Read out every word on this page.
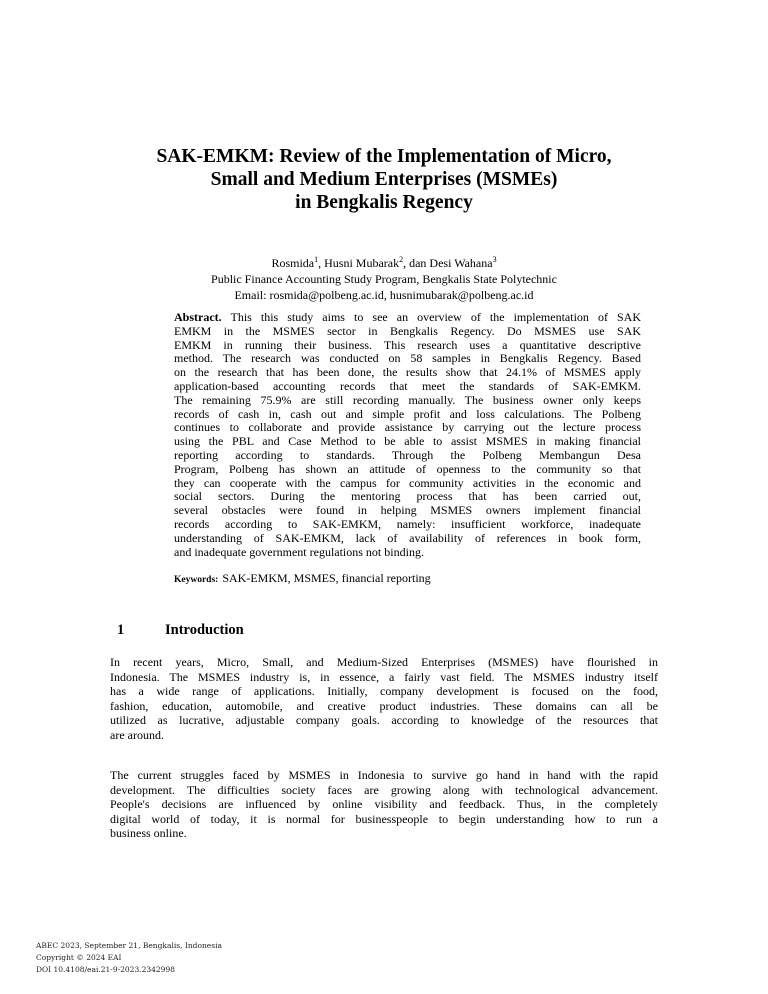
SAK-EMKM: Review of the Implementation of Micro,
Small and Medium Enterprises (MSMEs)
in Bengkalis Regency
Rosmida$^1$, Husni Mubarak$^2$, dan Desi Wahana$^3$
Public Finance Accounting Study Program, Bengkalis State Polytechnic
Email: rosmida@polbeng.ac.id, husnimubarak@polbeng.ac.id
Abstract. This this study aims to see an overview of the implementation of SAK
EMKM in the MSMES sector in Bengkalis Regency. Do MSMES use SAK
EMKM in running their business. This research uses a quantitative descriptive
method. The research was conducted on 58 samples in Bengkalis Regency. Based
on the research that has been done, the results show that 24.1% of MSMES apply
application-based accounting records that meet the standards of SAK-EMKM.
The remaining 75.9% are still recording manually. The business owner only keeps
records of cash in, cash out and simple profit and loss calculations. The Polbeng
continues to collaborate and provide assistance by carrying out the lecture process
using the PBL and Case Method to be able to assist MSMES in making financial
reporting according to standards. Through the Polbeng Membangun Desa
Program, Polbeng has shown an attitude of openness to the community so that
they can cooperate with the campus for community activities in the economic and
social sectors. During the mentoring process that has been carried out,
several obstacles were found in helping MSMES owners implement financial
records according to SAK-EMKM, namely: insufficient workforce, inadequate
understanding of SAK-EMKM, lack of availability of references in book form,
and inadequate government regulations not binding.
Keywords: SAK-EMKM, MSMES, financial reporting
1	Introduction
In recent years, Micro, Small, and Medium-Sized Enterprises (MSMES) have flourished in
Indonesia. The MSMES industry is, in essence, a fairly vast field. The MSMES industry itself
has a wide range of applications. Initially, company development is focused on the food,
fashion, education, automobile, and creative product industries. These domains can all be
utilized as lucrative, adjustable company goals. according to knowledge of the resources that
are around.
The current struggles faced by MSMES in Indonesia to survive go hand in hand with the rapid
development. The difficulties society faces are growing along with technological advancement.
People's decisions are influenced by online visibility and feedback. Thus, in the completely
digital world of today, it is normal for businesspeople to begin understanding how to run a
business online.
ABEC 2023, September 21, Bengkalis, Indonesia
Copyright © 2024 EAI
DOI 10.4108/eai.21-9-2023.2342998
